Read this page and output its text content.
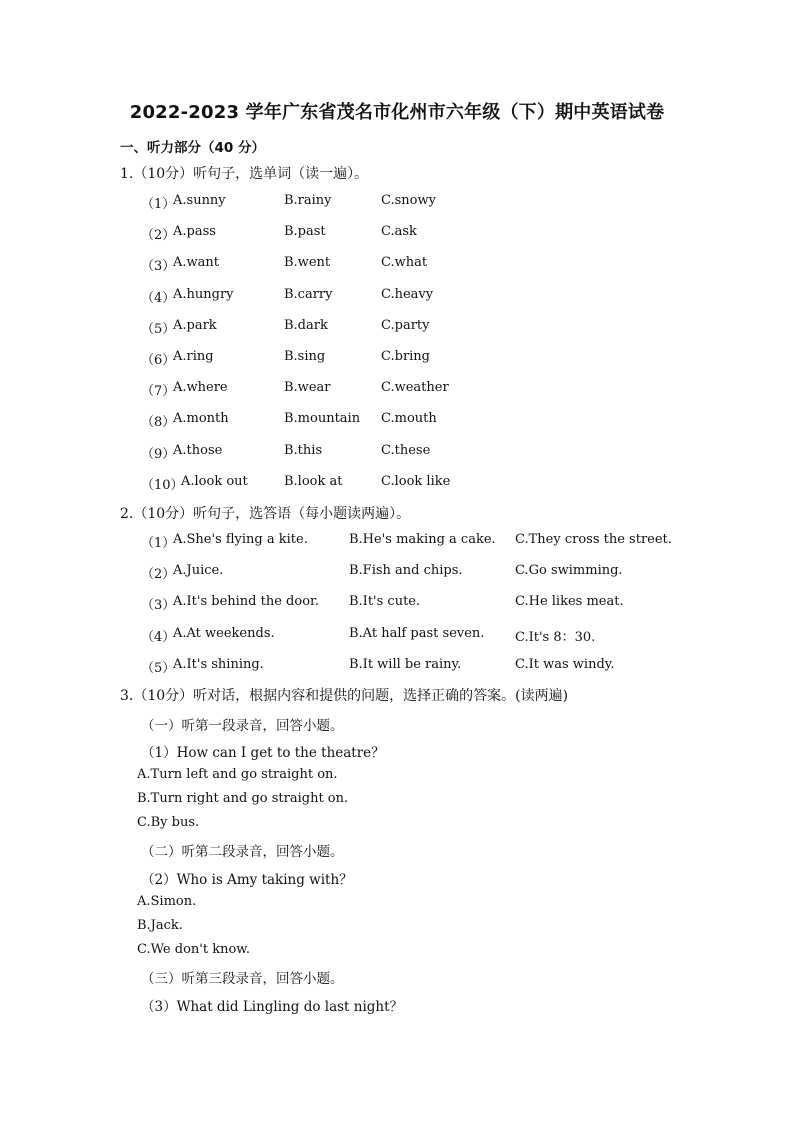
2022-2023 学年广东省茂名市化州市六年级（下）期中英语试卷
一、听力部分（40 分）
1.（10分）听句子，选单词（读一遍）。
（1）
A.sunny	B.rainy	C.snowy
（2）
A.pass	B.past	C.ask
（3）
A.want	B.went	C.what
（4）
A.hungry	B.carry	C.heavy
（5）
A.park	B.dark	C.party
（6）
A.ring	B.sing	C.bring
（7）
A.where	B.wear	C.weather
（8）
A.month	B.mountain C.mouth
（9）
A.those	B.this	C.these
（10）
A.look out	B.look at	C.look like
2.（10分）听句子，选答语（每小题读两遍）。
（1）
A.She's flying a kite.	B.He's making a cake. C.They cross the street.
（2）
A.Juice.	B.Fish and chips.	C.Go swimming.
（3）
A.It's behind the door. B.It's cute.	C.He likes meat.
（4）
A.At weekends.	B.At half past seven. C.It's 8：30.
（5）
A.It's shining.	B.It will be rainy.	C.It was windy.
3.（10分）听对话，根据内容和提供的问题，选择正确的答案。(读两遍)
（一）听第一段录音，回答小题。
（1）How can I get to the theatre？
A.Turn left and go straight on.
B.Turn right and go straight on.
C.By bus.
（二）听第二段录音，回答小题。
（2）Who is Amy taking with？
A.Simon.
B.Jack.
C.We don't know.
（三）听第三段录音，回答小题。
（3）What did Lingling do last night？
